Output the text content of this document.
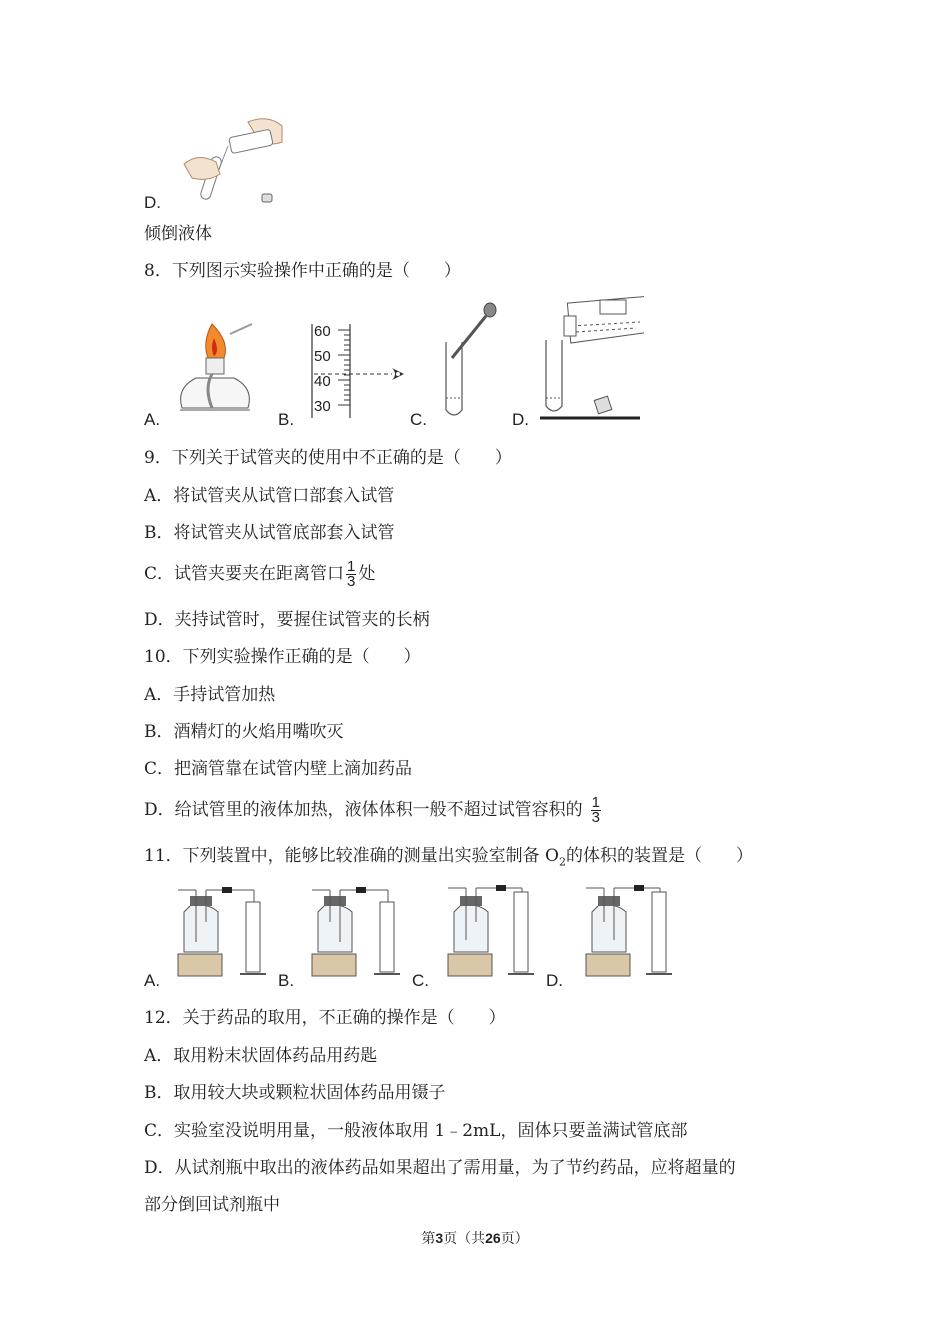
D.
倾倒液体
8．下列图示实验操作中正确的是（　　）
A.	B.
60
50
40
30
C.	D.
9．下列关于试管夹的使用中不正确的是（　　）
A．将试管夹从试管口部套入试管
B．将试管夹从试管底部套入试管
C．试管夹要夹在距离管口 $\frac{1}{3}$ 处
D．夹持试管时，要握住试管夹的长柄
10．下列实验操作正确的是（　　）
A．手持试管加热
B．酒精灯的火焰用嘴吹灭
C．把滴管靠在试管内壁上滴加药品
D．给试管里的液体加热，液体体积一般不超过试管容积的 $\frac{1}{3}$
11．下列装置中，能够比较准确的测量出实验室制备 $O_2$的体积的装置是（　　）
A.	B.	C.	D.
12．关于药品的取用，不正确的操作是（　　）
A．取用粉末状固体药品用药匙
B．取用较大块或颗粒状固体药品用镊子
C．实验室没说明用量，一般液体取用 1﹣2mL，固体只要盖满试管底部
D．从试剂瓶中取出的液体药品如果超出了需用量，为了节约药品，应将超量的
部分倒回试剂瓶中
第3页（共26页）
